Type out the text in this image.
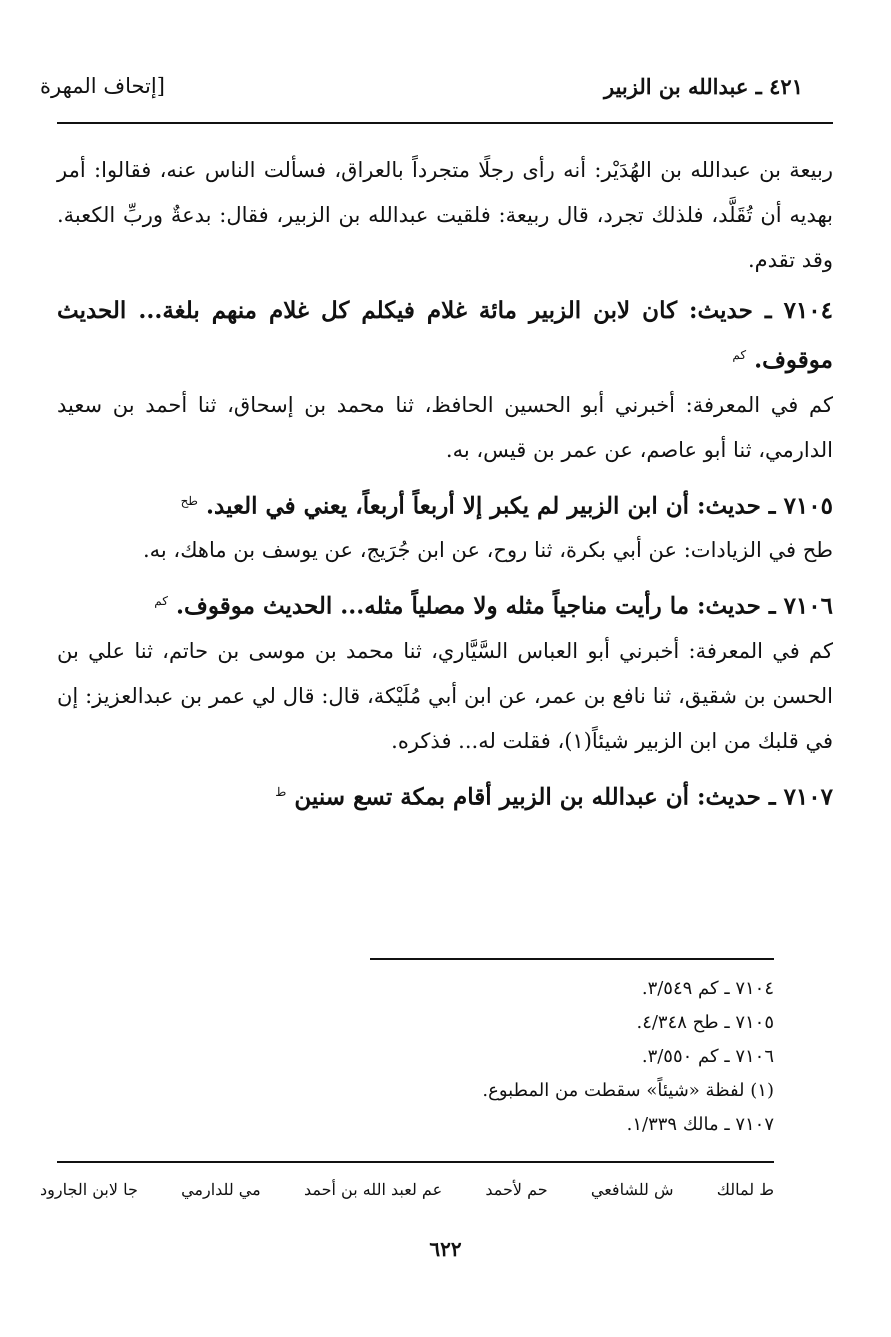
٤٢١ ـ عبدالله بن الزبير
[إتحاف المهرة

ربيعة بن عبدالله بن الهُدَيْر: أنه رأى رجلًا متجرداً بالعراق، فسألت الناس عنه، فقالوا: أمر بهديه أن تُقَلَّد، فلذلك تجرد، قال ربيعة: فلقيت عبدالله بن الزبير، فقال: بدعةٌ وربِّ الكعبة. وقد تقدم.

٧١٠٤ ـ حديث: كان لابن الزبير مائة غلام فيكلم كل غلام منهم بلغة... الحديث موقوف. $^{كم}$

كم في المعرفة: أخبرني أبو الحسين الحافظ، ثنا محمد بن إسحاق، ثنا أحمد بن سعيد الدارمي، ثنا أبو عاصم، عن عمر بن قيس، به.

٧١٠٥ ـ حديث: أن ابن الزبير لم يكبر إلا أربعاً أربعاً، يعني في العيد. $^{طح}$

طح في الزيادات: عن أبي بكرة، ثنا روح، عن ابن جُرَيج، عن يوسف بن ماهك، به.

٧١٠٦ ـ حديث: ما رأيت مناجياً مثله ولا مصلياً مثله... الحديث موقوف. $^{كم}$

كم في المعرفة: أخبرني أبو العباس السَّيَّاري، ثنا محمد بن موسى بن حاتم، ثنا علي بن الحسن بن شقيق، ثنا نافع بن عمر، عن ابن أبي مُلَيْكة، قال: قال لي عمر بن عبدالعزيز: إن في قلبك من ابن الزبير شيئاً(١)، فقلت له... فذكره.

٧١٠٧ ـ حديث: أن عبدالله بن الزبير أقام بمكة تسع سنين $^ط$

٧١٠٤ ـ كم ٣/٥٤٩.
٧١٠٥ ـ طح ٤/٣٤٨.
٧١٠٦ ـ كم ٣/٥٥٠.
(١) لفظة «شيئاً» سقطت من المطبوع.
٧١٠٧ ـ مالك ١/٣٣٩.
ط لمالك
ش للشافعي
حم لأحمد
عم لعبد الله بن أحمد
مي للدارمي
جا لابن الجارود
٦٢٢
